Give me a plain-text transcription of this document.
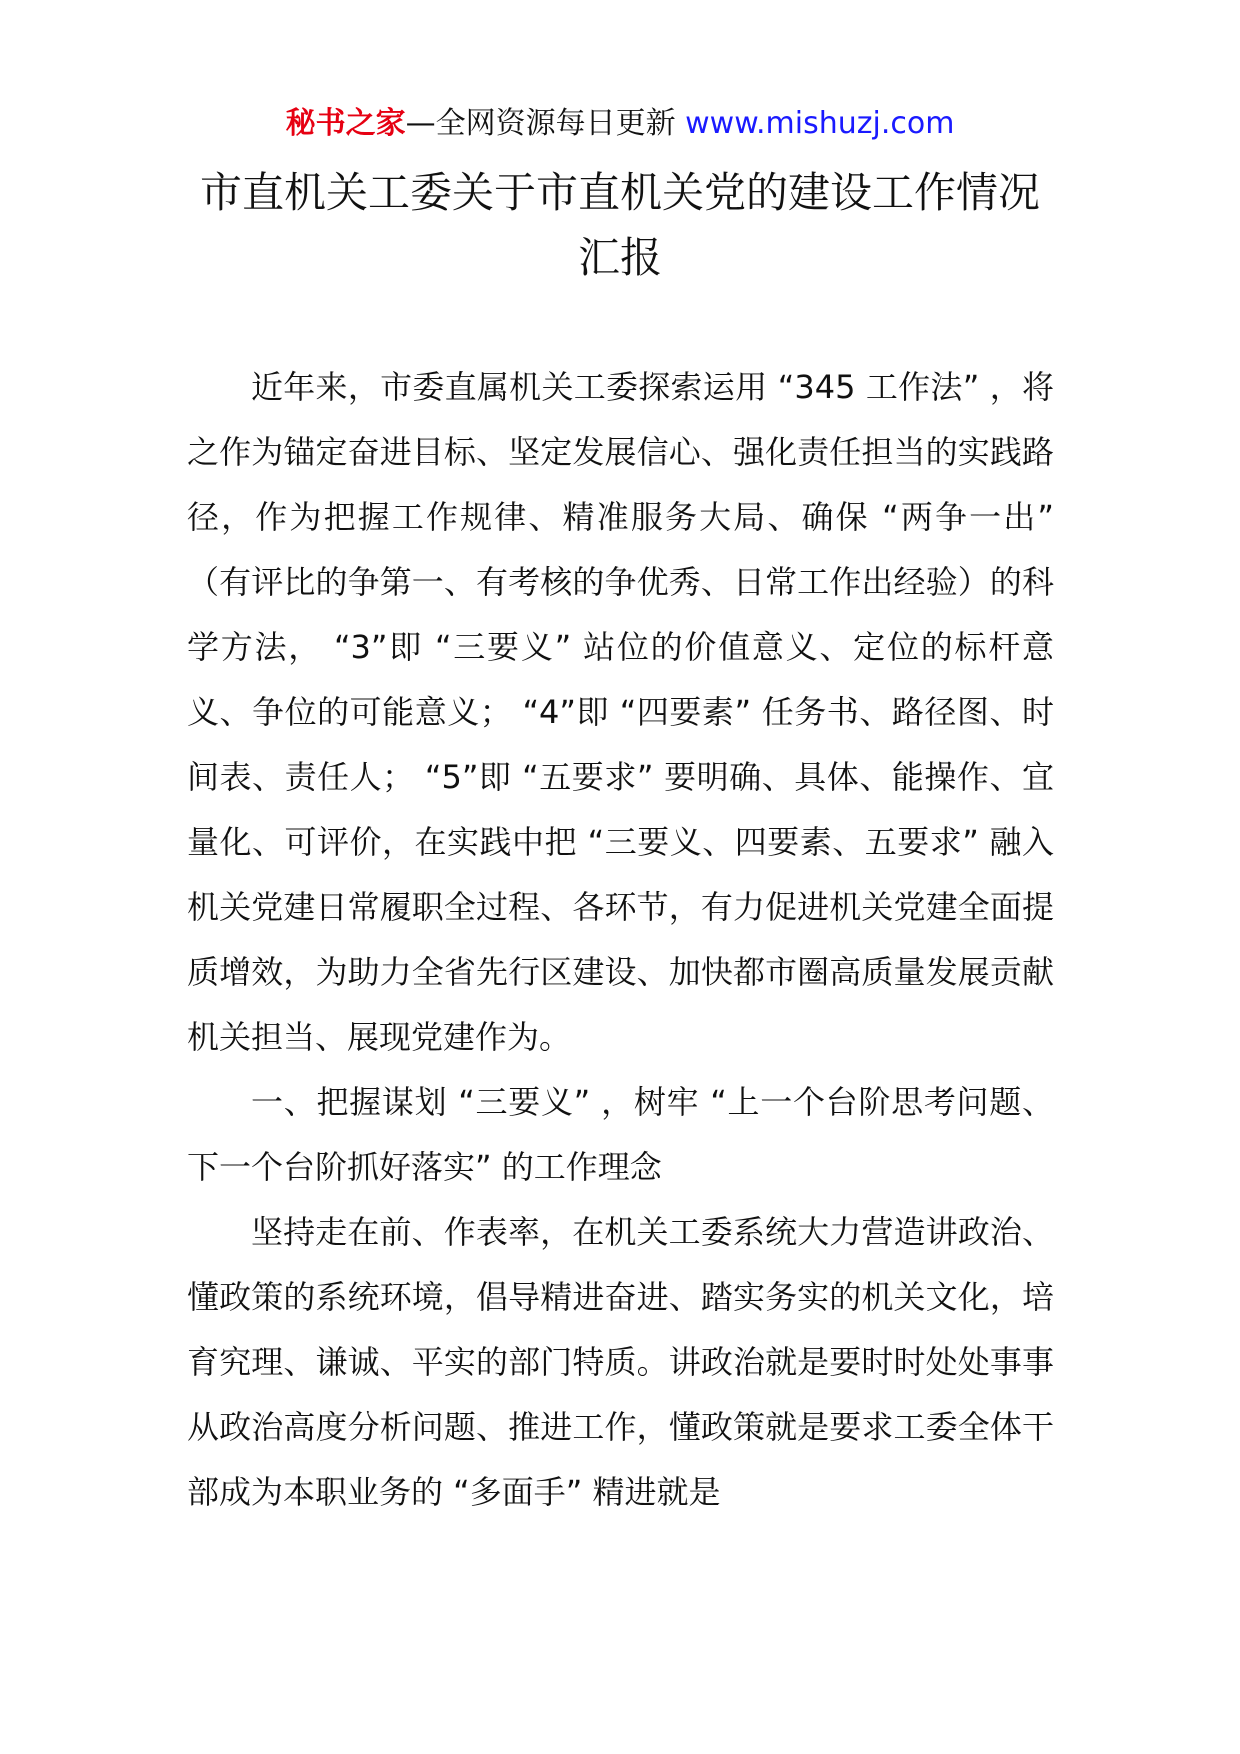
秘书之家—全网资源每日更新 www.mishuzj.com
市直机关工委关于市直机关党的建设工作情况
汇报

近年来，市委直属机关工委探索运用 “345 工作法” ，将之作为锚定奋进目标、坚定发展信心、强化责任担当的实践路径，作为把握工作规律、精准服务大局、确保 “两争一出” （有评比的争第一、有考核的争优秀、日常工作出经验）的科学方法， “3”即 “三要义” 站位的价值意义、定位的标杆意义、争位的可能意义； “4”即 “四要素” 任务书、路径图、时间表、责任人； “5”即 “五要求” 要明确、具体、能操作、宜量化、可评价，在实践中把 “三要义、四要素、五要求” 融入机关党建日常履职全过程、各环节，有力促进机关党建全面提质增效，为助力全省先行区建设、加快都市圈高质量发展贡献机关担当、展现党建作为。

一、把握谋划 “三要义” ，树牢 “上一个台阶思考问题、下一个台阶抓好落实” 的工作理念

坚持走在前、作表率，在机关工委系统大力营造讲政治、懂政策的系统环境，倡导精进奋进、踏实务实的机关文化，培育究理、谦诚、平实的部门特质。讲政治就是要时时处处事事从政治高度分析问题、推进工作，懂政策就是要求工委全体干部成为本职业务的 “多面手” 精进就是
